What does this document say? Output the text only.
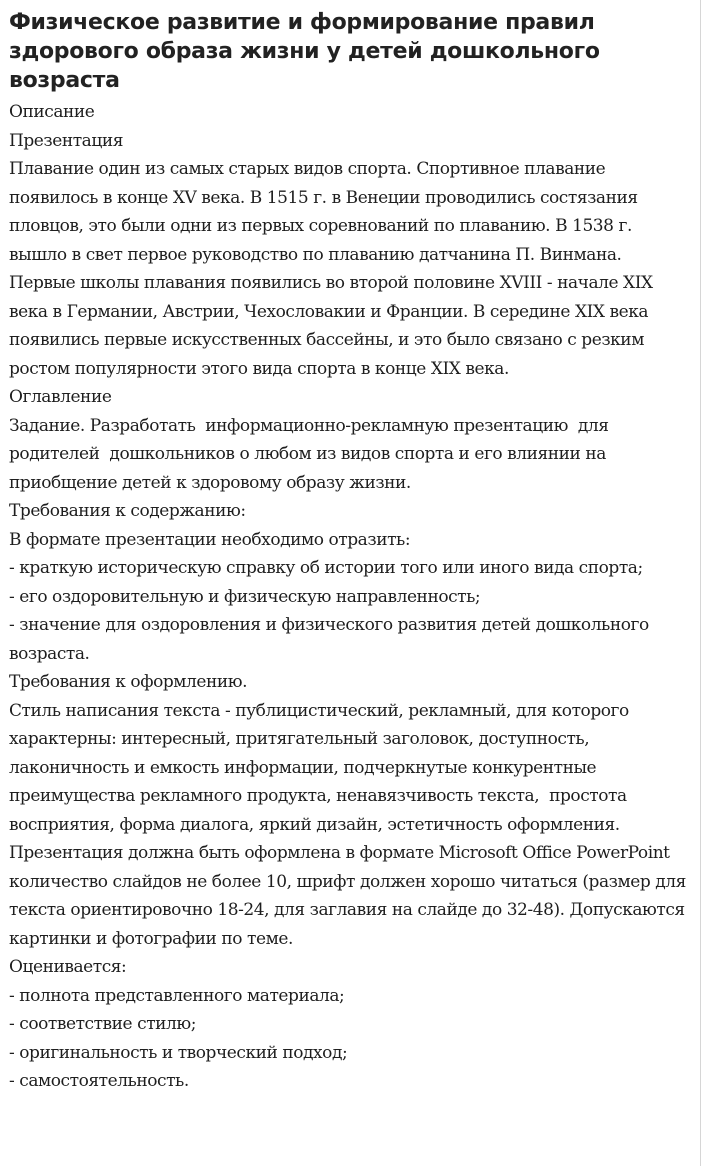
Физическое развитие и формирование правил здорового образа жизни у детей дошкольного возраста

Описание

Презентация

Плавание один из самых старых видов спорта. Спортивное плавание появилось в конце XV века. В 1515 г. в Венеции проводились состязания пловцов, это были одни из первых соревнований по плаванию. В 1538 г. вышло в свет первое руководство по плаванию датчанина П. Винмана. Первые школы плавания появились во второй половине XVIII - начале XIX века в Германии, Австрии, Чехословакии и Франции. В середине XIX века появились первые искусственных бассейны, и это было связано с резким ростом популярности этого вида спорта в конце XIX века.

Оглавление

Задание. Разработать  информационно-рекламную презентацию  для родителей  дошкольников о любом из видов спорта и его влиянии на приобщение детей к здоровому образу жизни.

Требования к содержанию:

В формате презентации необходимо отразить:

- краткую историческую справку об истории того или иного вида спорта;

- его оздоровительную и физическую направленность;

- значение для оздоровления и физического развития детей дошкольного возраста.

Требования к оформлению.

Стиль написания текста - публицистический, рекламный, для которого характерны: интересный, притягательный заголовок, доступность, лаконичность и емкость информации, подчеркнутые конкурентные преимущества рекламного продукта, ненавязчивость текста,  простота восприятия, форма диалога, яркий дизайн, эстетичность оформления.

Презентация должна быть оформлена в формате Microsoft Office PowerPoint количество слайдов не более 10, шрифт должен хорошо читаться (размер для текста ориентировочно 18-24, для заглавия на слайде до 32-48). Допускаются картинки и фотографии по теме.

Оценивается:

- полнота представленного материала;

- соответствие стилю;

- оригинальность и творческий подход;

- самостоятельность.
